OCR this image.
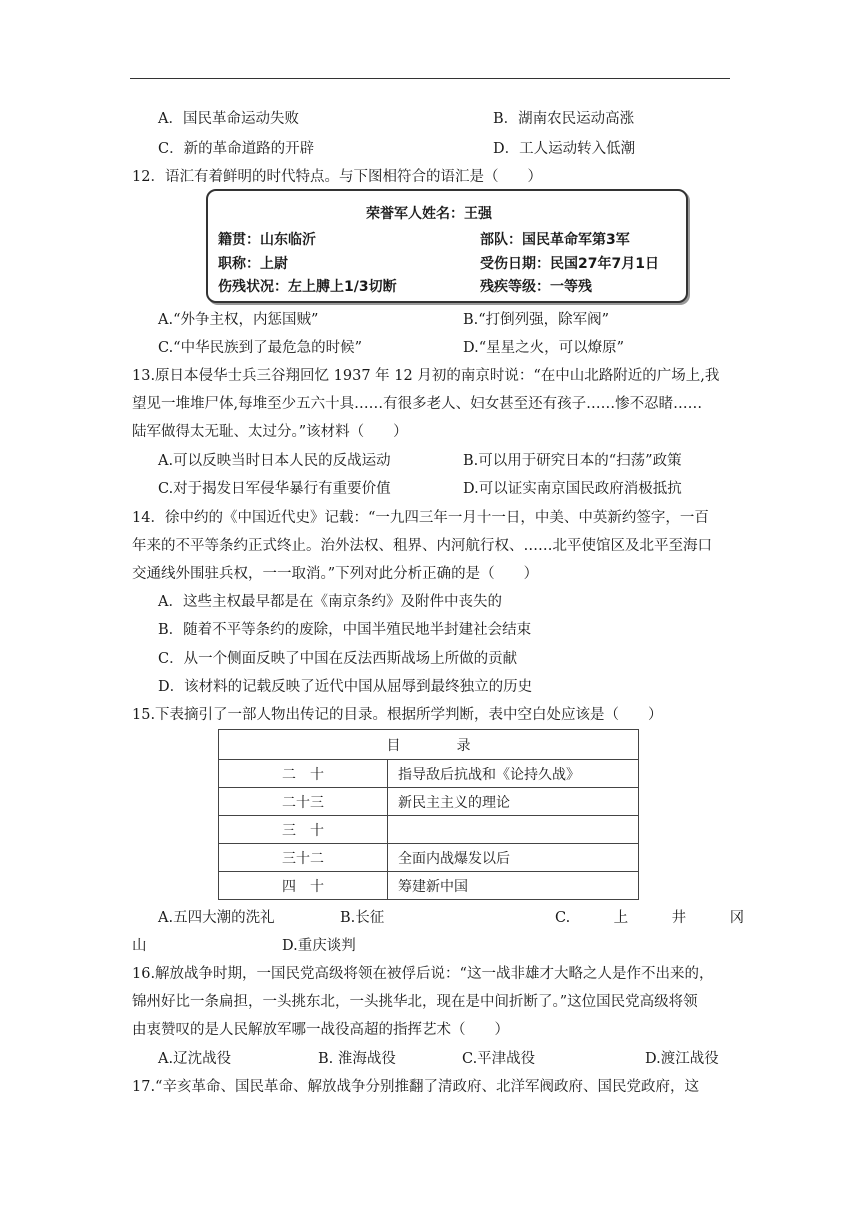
A．国民革命运动失败	B．湖南农民运动高涨
C．新的革命道路的开辟	D．工人运动转入低潮
12．语汇有着鲜明的时代特点。与下图相符合的语汇是（　　）
荣誉军人姓名：王强
籍贯：山东临沂	部队：国民革命军第3军
职称：上尉	受伤日期：民国27年7月1日
伤残状况：左上膊上1/3切断	残疾等级：一等残
A.“外争主权，内惩国贼”	B.“打倒列强，除军阀”
C.“中华民族到了最危急的时候”	D.“星星之火，可以燎原”
13.原日本侵华士兵三谷翔回忆 1937 年 12 月初的南京时说：“在中山北路附近的广场上,我
望见一堆堆尸体,每堆至少五六十具……有很多老人、妇女甚至还有孩子……惨不忍睹……
陆军做得太无耻、太过分。”该材料（　　）
A.可以反映当时日本人民的反战运动	B.可以用于研究日本的“扫荡”政策
C.对于揭发日军侵华暴行有重要价值	D.可以证实南京国民政府消极抵抗
14．徐中约的《中国近代史》记载：“一九四三年一月十一日，中美、中英新约签字，一百
年来的不平等条约正式终止。治外法权、租界、内河航行权、……北平使馆区及北平至海口
交通线外围驻兵权，一一取消。”下列对此分析正确的是（　　）
A．这些主权最早都是在《南京条约》及附件中丧失的
B．随着不平等条约的废除，中国半殖民地半封建社会结束
C．从一个侧面反映了中国在反法西斯战场上所做的贡献
D．该材料的记载反映了近代中国从屈辱到最终独立的历史
15.下表摘引了一部人物出传记的目录。根据所学判断，表中空白处应该是（　　）
目　　　　录	
二　十	指导敌后抗战和《论持久战》
二十三	新民主主义的理论
三　十	
三十二	全面内战爆发以后
四　十	筹建新中国
A.五四大潮的洗礼	B.长征	C.　　　上　　　井　　　冈
山	D.重庆谈判
16.解放战争时期，一国民党高级将领在被俘后说：“这一战非雄才大略之人是作不出来的，
锦州好比一条扁担，一头挑东北，一头挑华北，现在是中间折断了。”这位国民党高级将领
由衷赞叹的是人民解放军哪一战役高超的指挥艺术（　　）
A.辽沈战役	B. 淮海战役	C.平津战役	D.渡江战役
17.“辛亥革命、国民革命、解放战争分别推翻了清政府、北洋军阀政府、国民党政府，这
